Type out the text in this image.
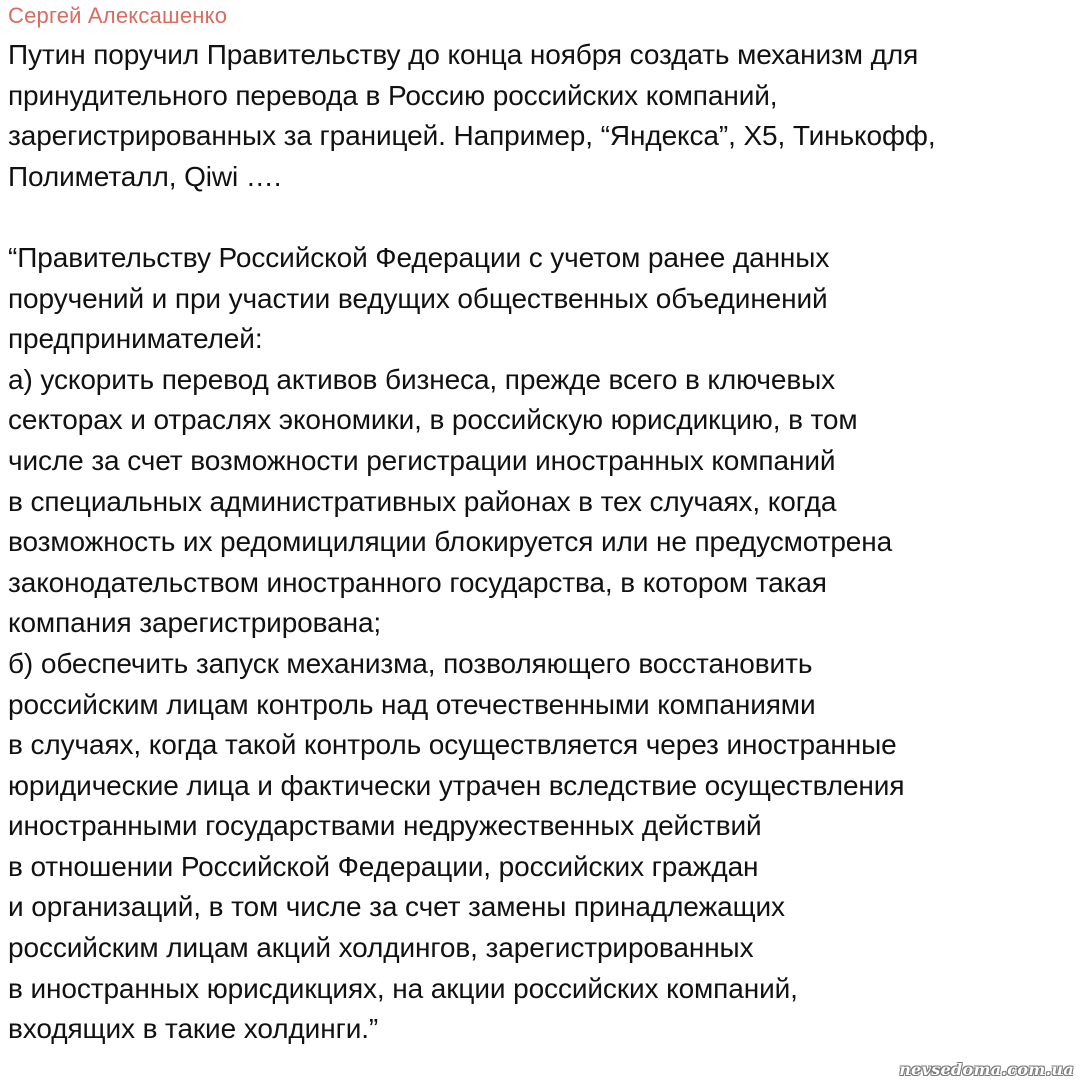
Сергей Алексашенко
Путин поручил Правительству до конца ноября создать механизм для
принудительного перевода в Россию российских компаний,
зарегистрированных за границей. Например, “Яндекса”, Х5, Тинькофф,
Полиметалл, Qiwi ….
“Правительству Российской Федерации с учетом ранее данных
поручений и при участии ведущих общественных объединений
предпринимателей:
а) ускорить перевод активов бизнеса, прежде всего в ключевых
секторах и отраслях экономики, в российскую юрисдикцию, в том
числе за счет возможности регистрации иностранных компаний
в специальных административных районах в тех случаях, когда
возможность их редомициляции блокируется или не предусмотрена
законодательством иностранного государства, в котором такая
компания зарегистрирована;
б) обеспечить запуск механизма, позволяющего восстановить
российским лицам контроль над отечественными компаниями
в случаях, когда такой контроль осуществляется через иностранные
юридические лица и фактически утрачен вследствие осуществления
иностранными государствами недружественных действий
в отношении Российской Федерации, российских граждан
и организаций, в том числе за счет замены принадлежащих
российским лицам акций холдингов, зарегистрированных
в иностранных юрисдикциях, на акции российских компаний,
входящих в такие холдинги.”
nevsedoma.com.ua
